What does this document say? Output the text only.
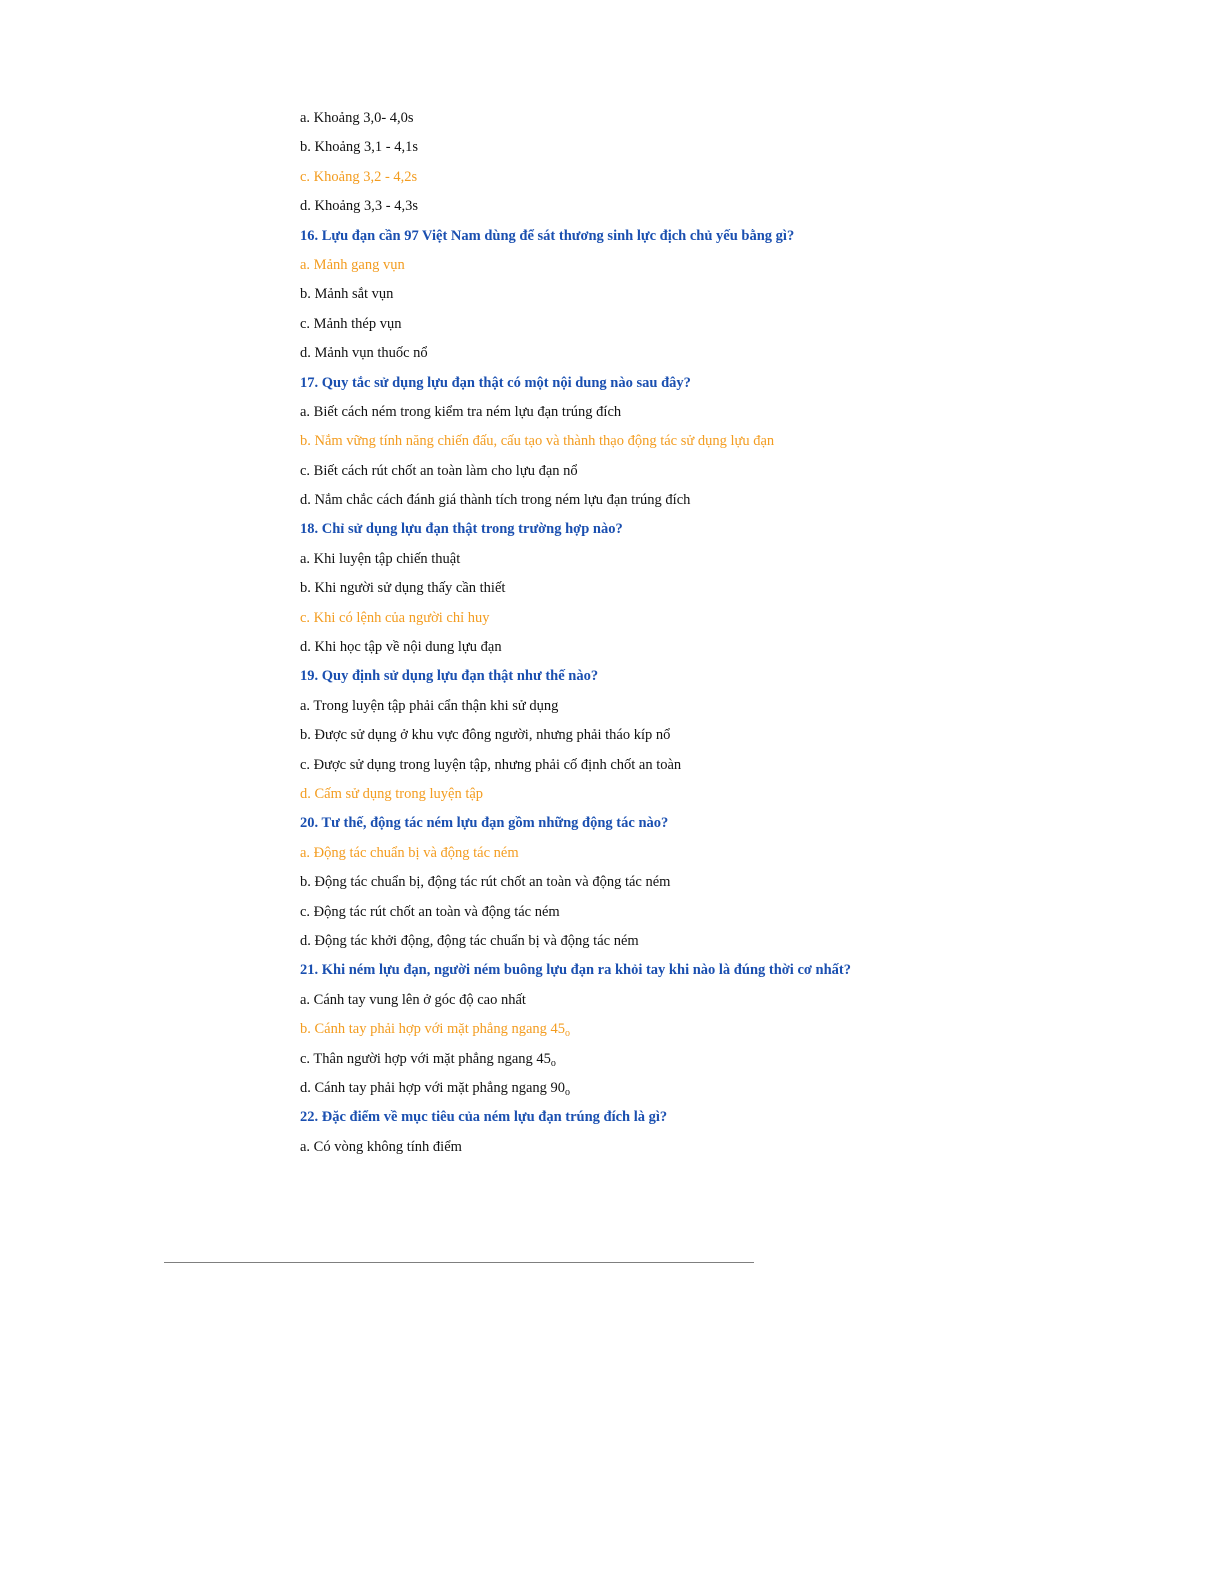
a. Khoảng 3,0- 4,0s
b. Khoảng 3,1 - 4,1s
c. Khoảng 3,2 - 4,2s
d. Khoảng 3,3 - 4,3s
16. Lựu đạn cần 97 Việt Nam dùng để sát thương sinh lực địch chủ yếu bằng gì?
a. Mảnh gang vụn
b. Mảnh sắt vụn
c. Mảnh thép vụn
d. Mảnh vụn thuốc nổ
17. Quy tắc sử dụng lựu đạn thật có một nội dung nào sau đây?
a. Biết cách ném trong kiểm tra ném lựu đạn trúng đích
b. Nắm vững tính năng chiến đấu, cấu tạo và thành thạo động tác sử dụng lựu đạn
c. Biết cách rút chốt an toàn làm cho lựu đạn nổ
d. Nắm chắc cách đánh giá thành tích trong ném lựu đạn trúng đích
18. Chỉ sử dụng lựu đạn thật trong trường hợp nào?
a. Khi luyện tập chiến thuật
b. Khi người sử dụng thấy cần thiết
c. Khi có lệnh của người chỉ huy
d. Khi học tập về nội dung lựu đạn
19. Quy định sử dụng lựu đạn thật như thế nào?
a. Trong luyện tập phải cẩn thận khi sử dụng
b. Được sử dụng ở khu vực đông người, nhưng phải tháo kíp nổ
c. Được sử dụng trong luyện tập, nhưng phải cố định chốt an toàn
d. Cấm sử dụng trong luyện tập
20. Tư thế, động tác ném lựu đạn gồm những động tác nào?
a. Động tác chuẩn bị và động tác ném
b. Động tác chuẩn bị, động tác rút chốt an toàn và động tác ném
c. Động tác rút chốt an toàn và động tác ném
d. Động tác khởi động, động tác chuẩn bị và động tác ném
21. Khi ném lựu đạn, người ném buông lựu đạn ra khỏi tay khi nào là đúng thời cơ nhất?
a. Cánh tay vung lên ở góc độ cao nhất
b. Cánh tay phải hợp với mặt phẳng ngang $45_o$
c. Thân người hợp với mặt phẳng ngang $45_o$
d. Cánh tay phải hợp với mặt phẳng ngang $90_o$
22. Đặc điểm về mục tiêu của ném lựu đạn trúng đích là gì?
a. Có vòng không tính điểm
